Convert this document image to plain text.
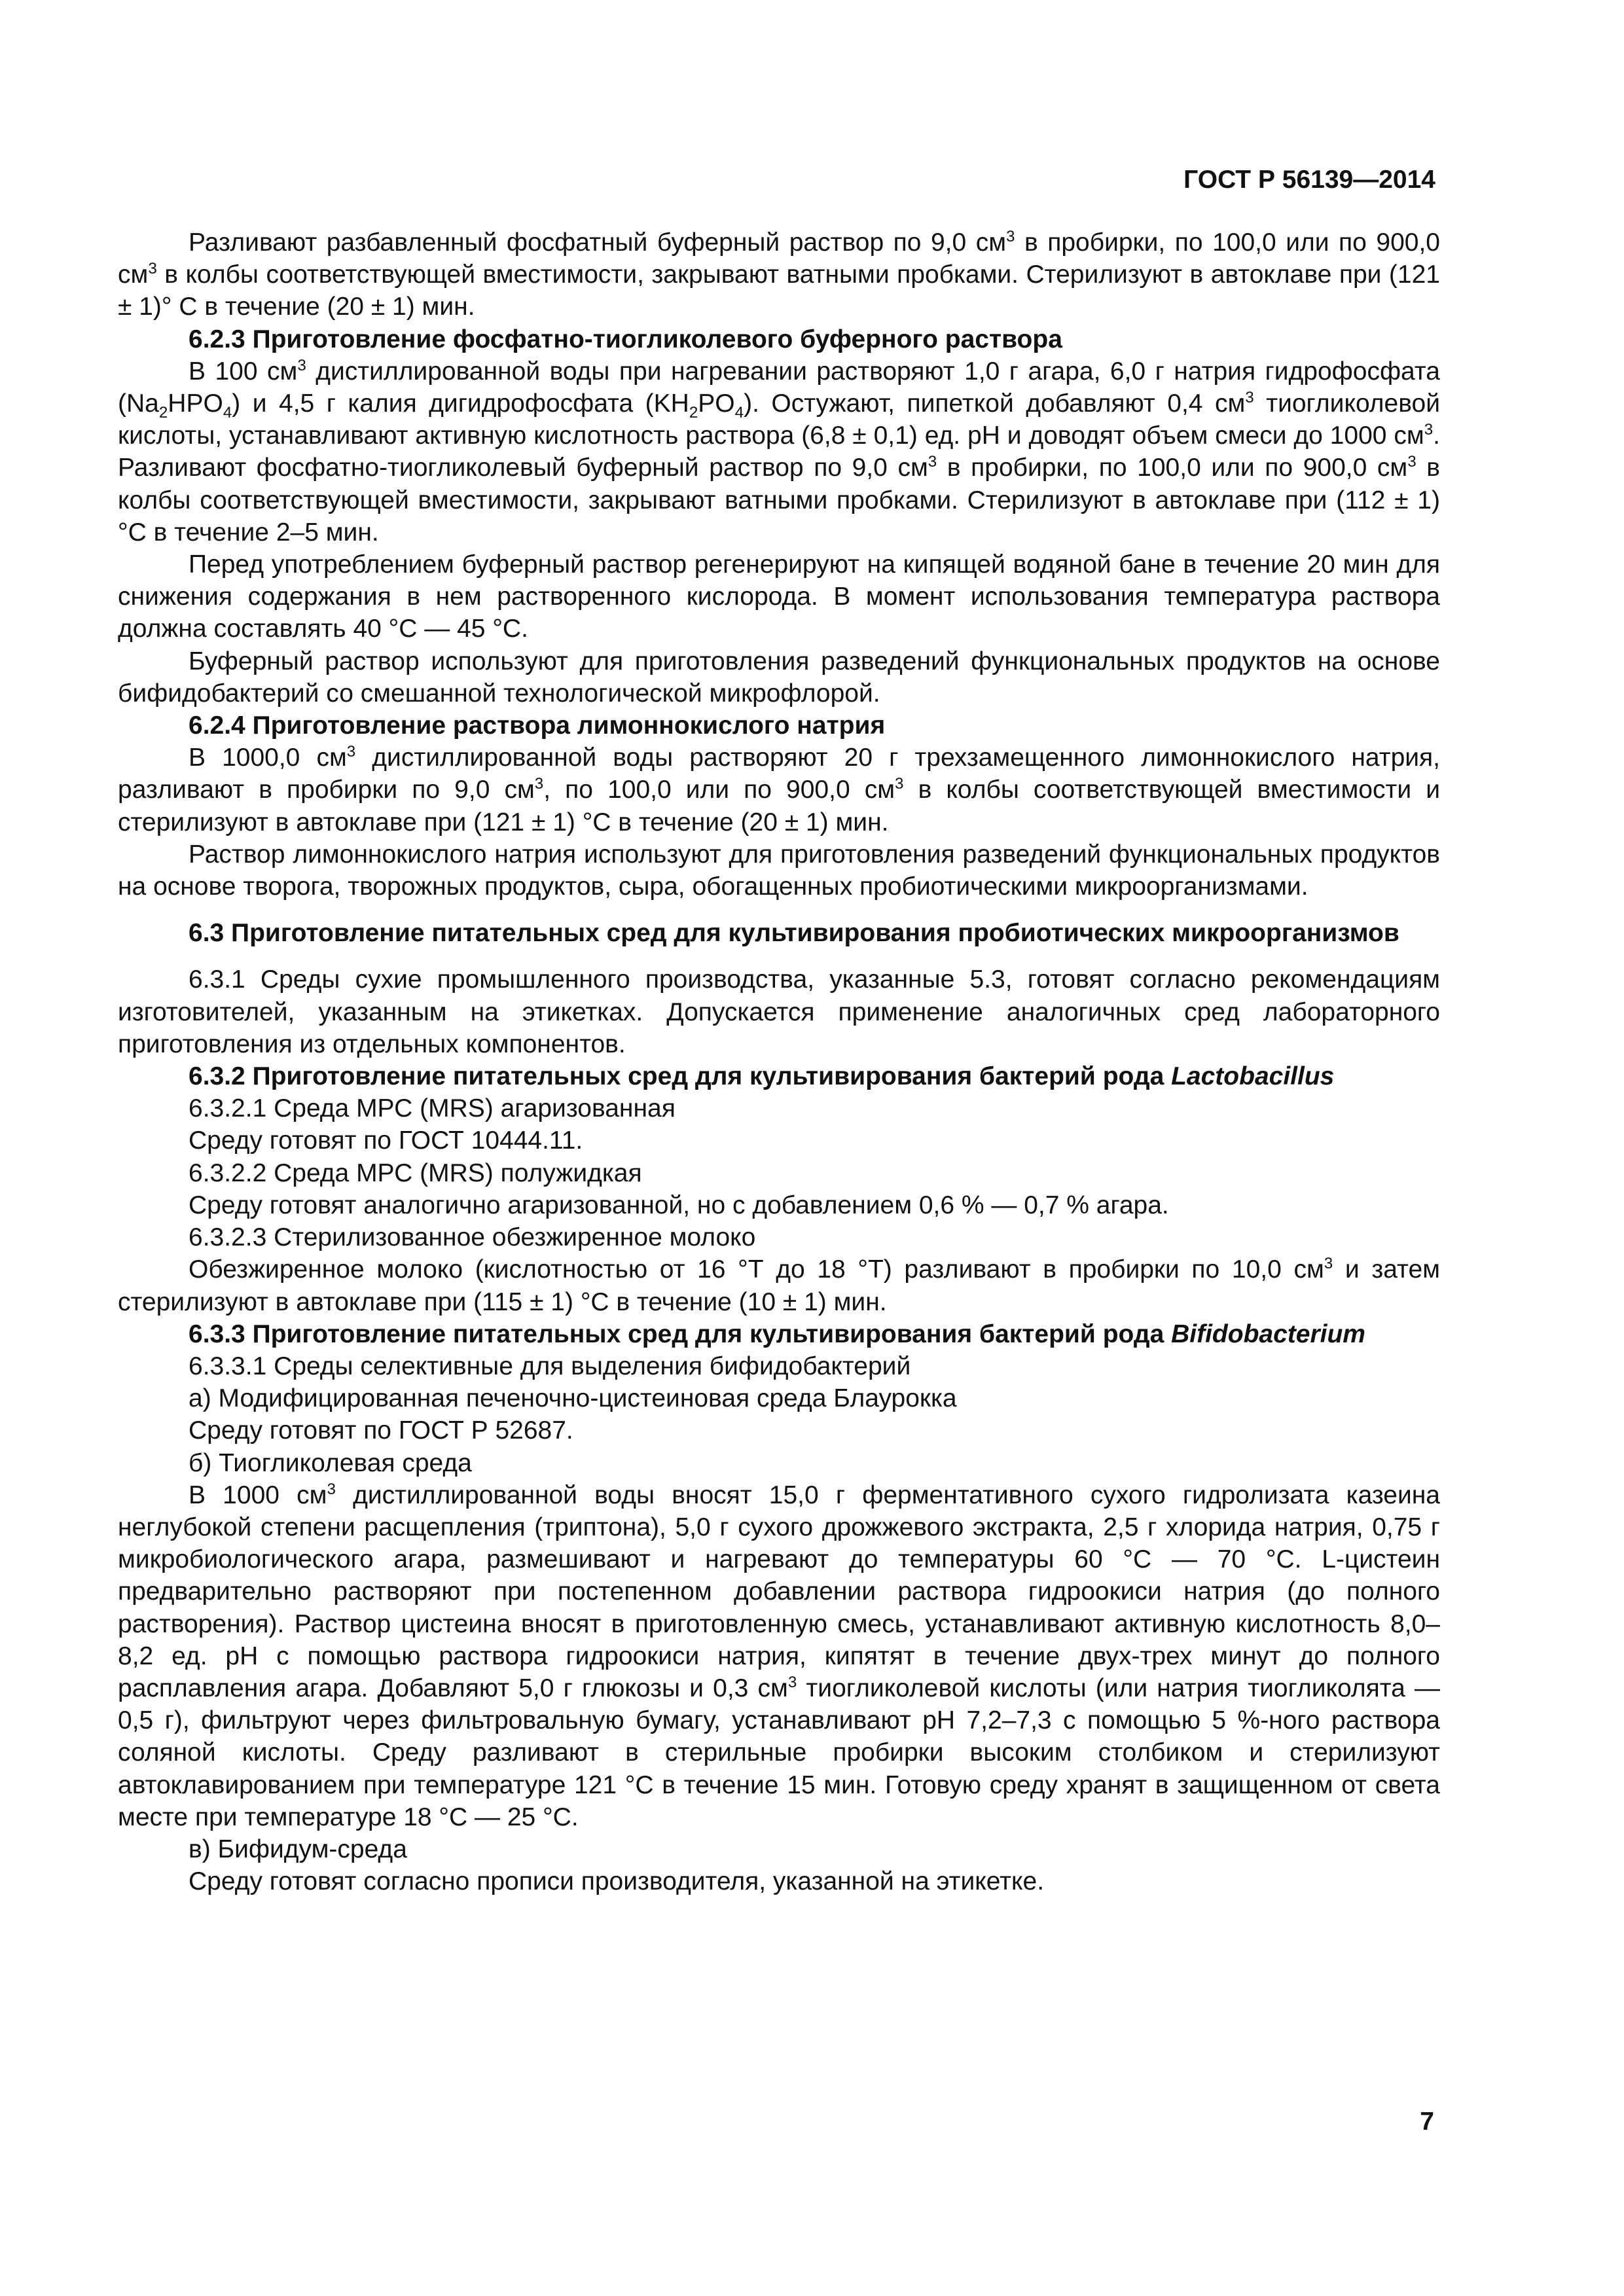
ГОСТ Р 56139—2014
Разливают разбавленный фосфатный буферный раствор по 9,0 $см^3$ в пробирки, по 100,0 или по 900,0 $см^3$ в колбы соответствующей вместимости, закрывают ватными пробками. Стерилизуют в автоклаве при (121 ± 1)° С в течение (20 ± 1) мин.
6.2.3 Приготовление фосфатно-тиогликолевого буферного раствора
В 100 $см^3$ дистиллированной воды при нагревании растворяют 1,0 г агара, 6,0 г натрия гидрофосфата $(Na_2HPO_4)$ и 4,5 г калия дигидрофосфата $(KH_2PO_4)$. Остужают, пипеткой добавляют 0,4 $см^3$ тиогликолевой кислоты, устанавливают активную кислотность раствора (6,8 ± 0,1) ед. pH и доводят объем смеси до 1000 $см^3$. Разливают фосфатно-тиогликолевый буферный раствор по 9,0 $см^3$ в пробирки, по 100,0 или по 900,0 $см^3$ в колбы соответствующей вместимости, закрывают ватными пробками. Стерилизуют в автоклаве при (112 ± 1) °С в течение 2–5 мин.
Перед употреблением буферный раствор регенерируют на кипящей водяной бане в течение 20 мин для снижения содержания в нем растворенного кислорода. В момент использования температура раствора должна составлять 40 °С — 45 °С.
Буферный раствор используют для приготовления разведений функциональных продуктов на основе бифидобактерий со смешанной технологической микрофлорой.
6.2.4 Приготовление раствора лимоннокислого натрия
В 1000,0 $см^3$ дистиллированной воды растворяют 20 г трехзамещенного лимоннокислого натрия, разливают в пробирки по 9,0 $см^3$, по 100,0 или по 900,0 $см^3$ в колбы соответствующей вместимости и стерилизуют в автоклаве при (121 ± 1) °С в течение (20 ± 1) мин.
Раствор лимоннокислого натрия используют для приготовления разведений функциональных продуктов на основе творога, творожных продуктов, сыра, обогащенных пробиотическими микроорганизмами.
6.3 Приготовление питательных сред для культивирования пробиотических микроорганизмов
6.3.1 Среды сухие промышленного производства, указанные 5.3, готовят согласно рекомендациям изготовителей, указанным на этикетках. Допускается применение аналогичных сред лабораторного приготовления из отдельных компонентов.
6.3.2 Приготовление питательных сред для культивирования бактерий рода Lactobacillus
6.3.2.1 Среда МРС (MRS) агаризованная
Среду готовят по ГОСТ 10444.11.
6.3.2.2 Среда МРС (MRS) полужидкая
Среду готовят аналогично агаризованной, но с добавлением 0,6 % — 0,7 % агара.
6.3.2.3 Стерилизованное обезжиренное молоко
Обезжиренное молоко (кислотностью от 16 °Т до 18 °Т) разливают в пробирки по 10,0 $см^3$ и затем стерилизуют в автоклаве при (115 ± 1) °С в течение (10 ± 1) мин.
6.3.3 Приготовление питательных сред для культивирования бактерий рода Bifidobacterium
6.3.3.1 Среды селективные для выделения бифидобактерий
а) Модифицированная печеночно-цистеиновая среда Блаурокка
Среду готовят по ГОСТ Р 52687.
б) Тиогликолевая среда
В 1000 $см^3$ дистиллированной воды вносят 15,0 г ферментативного сухого гидролизата казеина неглубокой степени расщепления (триптона), 5,0 г сухого дрожжевого экстракта, 2,5 г хлорида натрия, 0,75 г микробиологического агара, размешивают и нагревают до температуры 60 °С — 70 °С. L-цистеин предварительно растворяют при постепенном добавлении раствора гидроокиси натрия (до полного растворения). Раствор цистеина вносят в приготовленную смесь, устанавливают активную кислотность 8,0–8,2 ед. pH с помощью раствора гидроокиси натрия, кипятят в течение двух-трех минут до полного расплавления агара. Добавляют 5,0 г глюкозы и 0,3 $см^3$ тиогликолевой кислоты (или натрия тиогликолята — 0,5 г), фильтруют через фильтровальную бумагу, устанавливают pH 7,2–7,3 с помощью 5 %-ного раствора соляной кислоты. Среду разливают в стерильные пробирки высоким столбиком и стерилизуют автоклавированием при температуре 121 °С в течение 15 мин. Готовую среду хранят в защищенном от света месте при температуре 18 °С — 25 °С.
в) Бифидум-среда
Среду готовят согласно прописи производителя, указанной на этикетке.
7
